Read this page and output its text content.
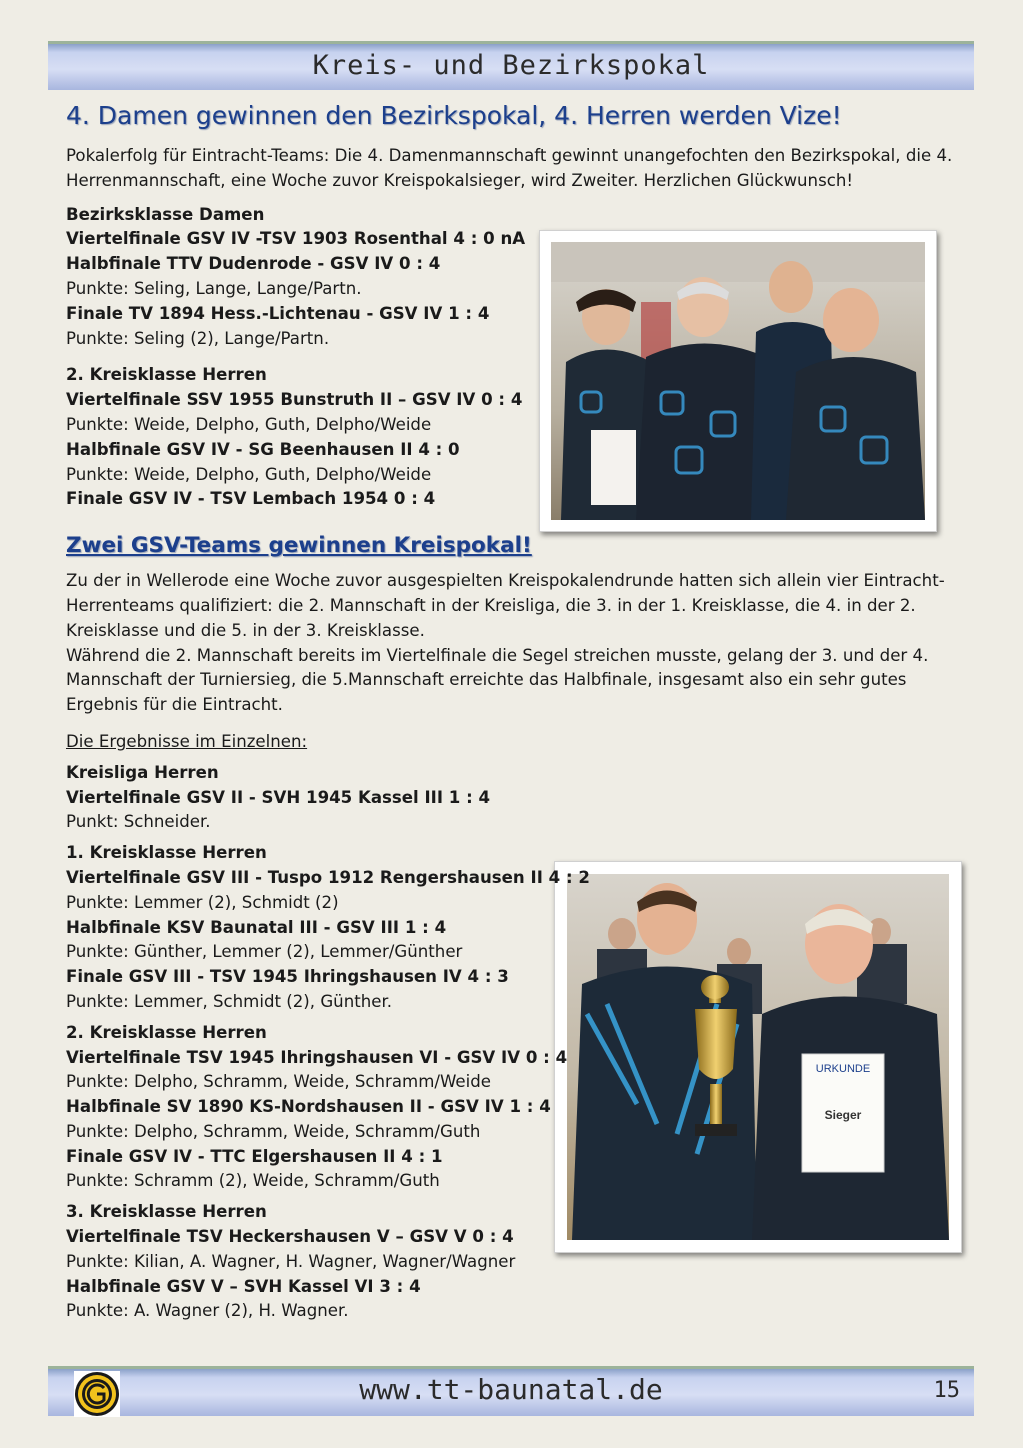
Kreis- und Bezirkspokal
URKUNDE
Sieger
4. Damen gewinnen den Bezirkspokal, 4. Herren werden Vize!

Pokalerfolg für Eintracht-Teams: Die 4. Damenmannschaft gewinnt unangefochten den Bezirkspokal, die 4.

Herrenmannschaft, eine Woche zuvor Kreispokalsieger, wird Zweiter. Herzlichen Glückwunsch!

Bezirksklasse Damen
Viertelfinale GSV IV -TSV 1903 Rosenthal 4 : 0 nA
Halbfinale TTV Dudenrode - GSV IV 0 : 4
Punkte: Seling, Lange, Lange/Partn.
Finale TV 1894 Hess.-Lichtenau - GSV IV 1 : 4
Punkte: Seling (2), Lange/Partn.
2. Kreisklasse Herren
Viertelfinale SSV 1955 Bunstruth II – GSV IV 0 : 4
Punkte: Weide, Delpho, Guth, Delpho/Weide
Halbfinale GSV IV - SG Beenhausen II 4 : 0
Punkte: Weide, Delpho, Guth, Delpho/Weide
Finale GSV IV - TSV Lembach 1954 0 : 4
Zwei GSV-Teams gewinnen Kreispokal!

Zu der in Wellerode eine Woche zuvor ausgespielten Kreispokalendrunde hatten sich allein vier Eintracht-

Herrenteams qualifiziert: die 2. Mannschaft in der Kreisliga, die 3. in der 1. Kreisklasse, die 4. in der 2.

Kreisklasse und die 5. in der 3. Kreisklasse.

Während die 2. Mannschaft bereits im Viertelfinale die Segel streichen musste, gelang der 3. und der 4.

Mannschaft der Turniersieg, die 5.Mannschaft erreichte das Halbfinale, insgesamt also ein sehr gutes

Ergebnis für die Eintracht.

Die Ergebnisse im Einzelnen:

Kreisliga Herren
Viertelfinale GSV II - SVH 1945 Kassel III 1 : 4
Punkt: Schneider.
1. Kreisklasse Herren
Viertelfinale GSV III - Tuspo 1912 Rengershausen II 4 : 2
Punkte: Lemmer (2), Schmidt (2)
Halbfinale KSV Baunatal III - GSV III 1 : 4
Punkte: Günther, Lemmer (2), Lemmer/Günther
Finale GSV III - TSV 1945 Ihringshausen IV 4 : 3
Punkte: Lemmer, Schmidt (2), Günther.
2. Kreisklasse Herren
Viertelfinale TSV 1945 Ihringshausen VI - GSV IV 0 : 4
Punkte: Delpho, Schramm, Weide, Schramm/Weide
Halbfinale SV 1890 KS-Nordshausen II - GSV IV 1 : 4
Punkte: Delpho, Schramm, Weide, Schramm/Guth
Finale GSV IV - TTC Elgershausen II 4 : 1
Punkte: Schramm (2), Weide, Schramm/Guth
3. Kreisklasse Herren
Viertelfinale TSV Heckershausen V – GSV V 0 : 4
Punkte: Kilian, A. Wagner, H. Wagner, Wagner/Wagner
Halbfinale GSV V – SVH Kassel VI 3 : 4
Punkte: A. Wagner (2), H. Wagner.
www.tt-baunatal.de	15
